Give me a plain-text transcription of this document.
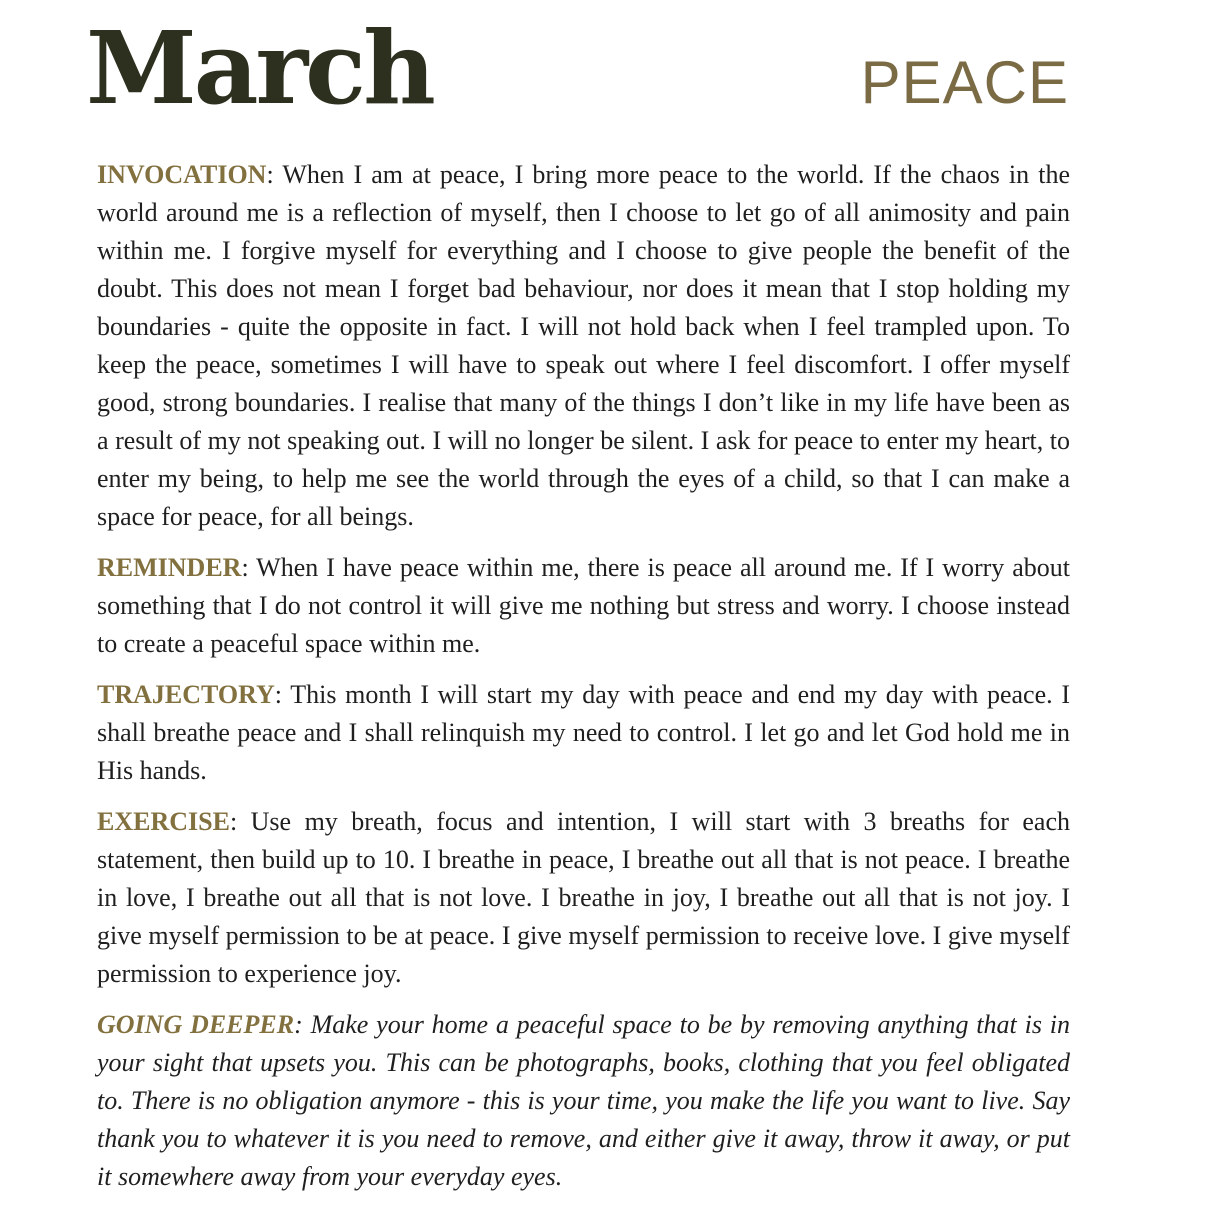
March	PEACE

INVOCATION: When I am at peace, I bring more peace to the world. If the chaos in the world around me is a reflection of myself, then I choose to let go of all animosity and pain within me. I forgive myself for everything and I choose to give people the benefit of the doubt. This does not mean I forget bad behaviour, nor does it mean that I stop holding my boundaries - quite the opposite in fact. I will not hold back when I feel trampled upon. To keep the peace, sometimes I will have to speak out where I feel discomfort. I offer myself good, strong boundaries. I realise that many of the things I don’t like in my life have been as a result of my not speaking out. I will no longer be silent. I ask for peace to enter my heart, to enter my being, to help me see the world through the eyes of a child, so that I can make a space for peace, for all beings.

REMINDER: When I have peace within me, there is peace all around me. If I worry about something that I do not control it will give me nothing but stress and worry. I choose instead to create a peaceful space within me.

TRAJECTORY: This month I will start my day with peace and end my day with peace. I shall breathe peace and I shall relinquish my need to control. I let go and let God hold me in His hands.

EXERCISE: Use my breath, focus and intention, I will start with 3 breaths for each statement, then build up to 10. I breathe in peace, I breathe out all that is not peace. I breathe in love, I breathe out all that is not love. I breathe in joy, I breathe out all that is not joy. I give myself permission to be at peace. I give myself permission to receive love. I give myself permission to experience joy.

GOING DEEPER: Make your home a peaceful space to be by removing anything that is in your sight that upsets you. This can be photographs, books, clothing that you feel obligated to. There is no obligation anymore - this is your time, you make the life you want to live. Say thank you to whatever it is you need to remove, and either give it away, throw it away, or put it somewhere away from your everyday eyes.
